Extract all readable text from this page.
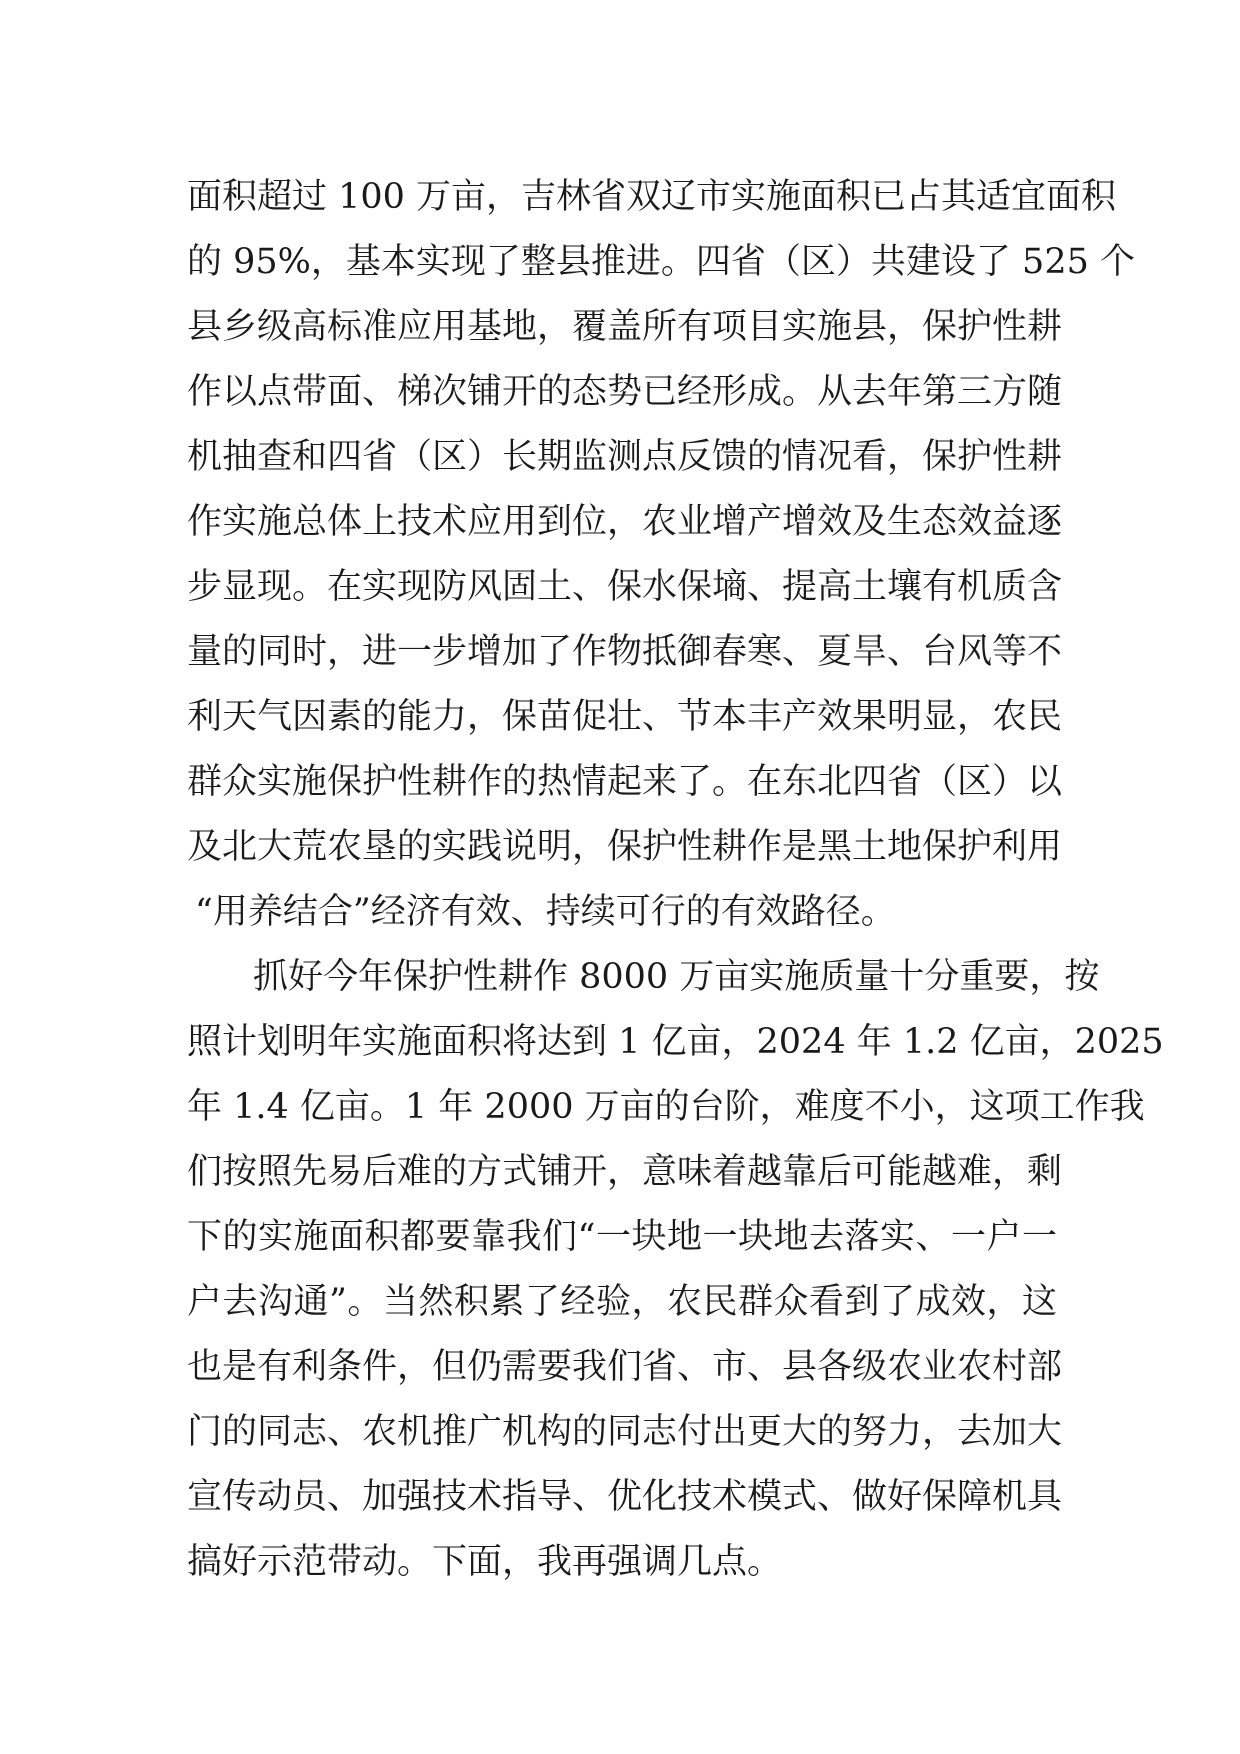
面积超过 100 万亩，吉林省双辽市实施面积已占其适宜面积
的 95%，基本实现了整县推进。四省（区）共建设了 525 个
县乡级高标准应用基地，覆盖所有项目实施县，保护性耕
作以点带面、梯次铺开的态势已经形成。从去年第三方随
机抽查和四省（区）长期监测点反馈的情况看，保护性耕
作实施总体上技术应用到位，农业增产增效及生态效益逐
步显现。在实现防风固土、保水保墒、提高土壤有机质含
量的同时，进一步增加了作物抵御春寒、夏旱、台风等不
利天气因素的能力，保苗促壮、节本丰产效果明显，农民
群众实施保护性耕作的热情起来了。在东北四省（区）以
及北大荒农垦的实践说明，保护性耕作是黑土地保护利用
“用养结合”经济有效、持续可行的有效路径。
抓好今年保护性耕作 8000 万亩实施质量十分重要，按
照计划明年实施面积将达到 1 亿亩，2024 年 1.2 亿亩，2025
年 1.4 亿亩。1 年 2000 万亩的台阶，难度不小，这项工作我
们按照先易后难的方式铺开，意味着越靠后可能越难，剩
下的实施面积都要靠我们“一块地一块地去落实、一户一
户去沟通”。当然积累了经验，农民群众看到了成效，这
也是有利条件，但仍需要我们省、市、县各级农业农村部
门的同志、农机推广机构的同志付出更大的努力，去加大
宣传动员、加强技术指导、优化技术模式、做好保障机具
搞好示范带动。下面，我再强调几点。
